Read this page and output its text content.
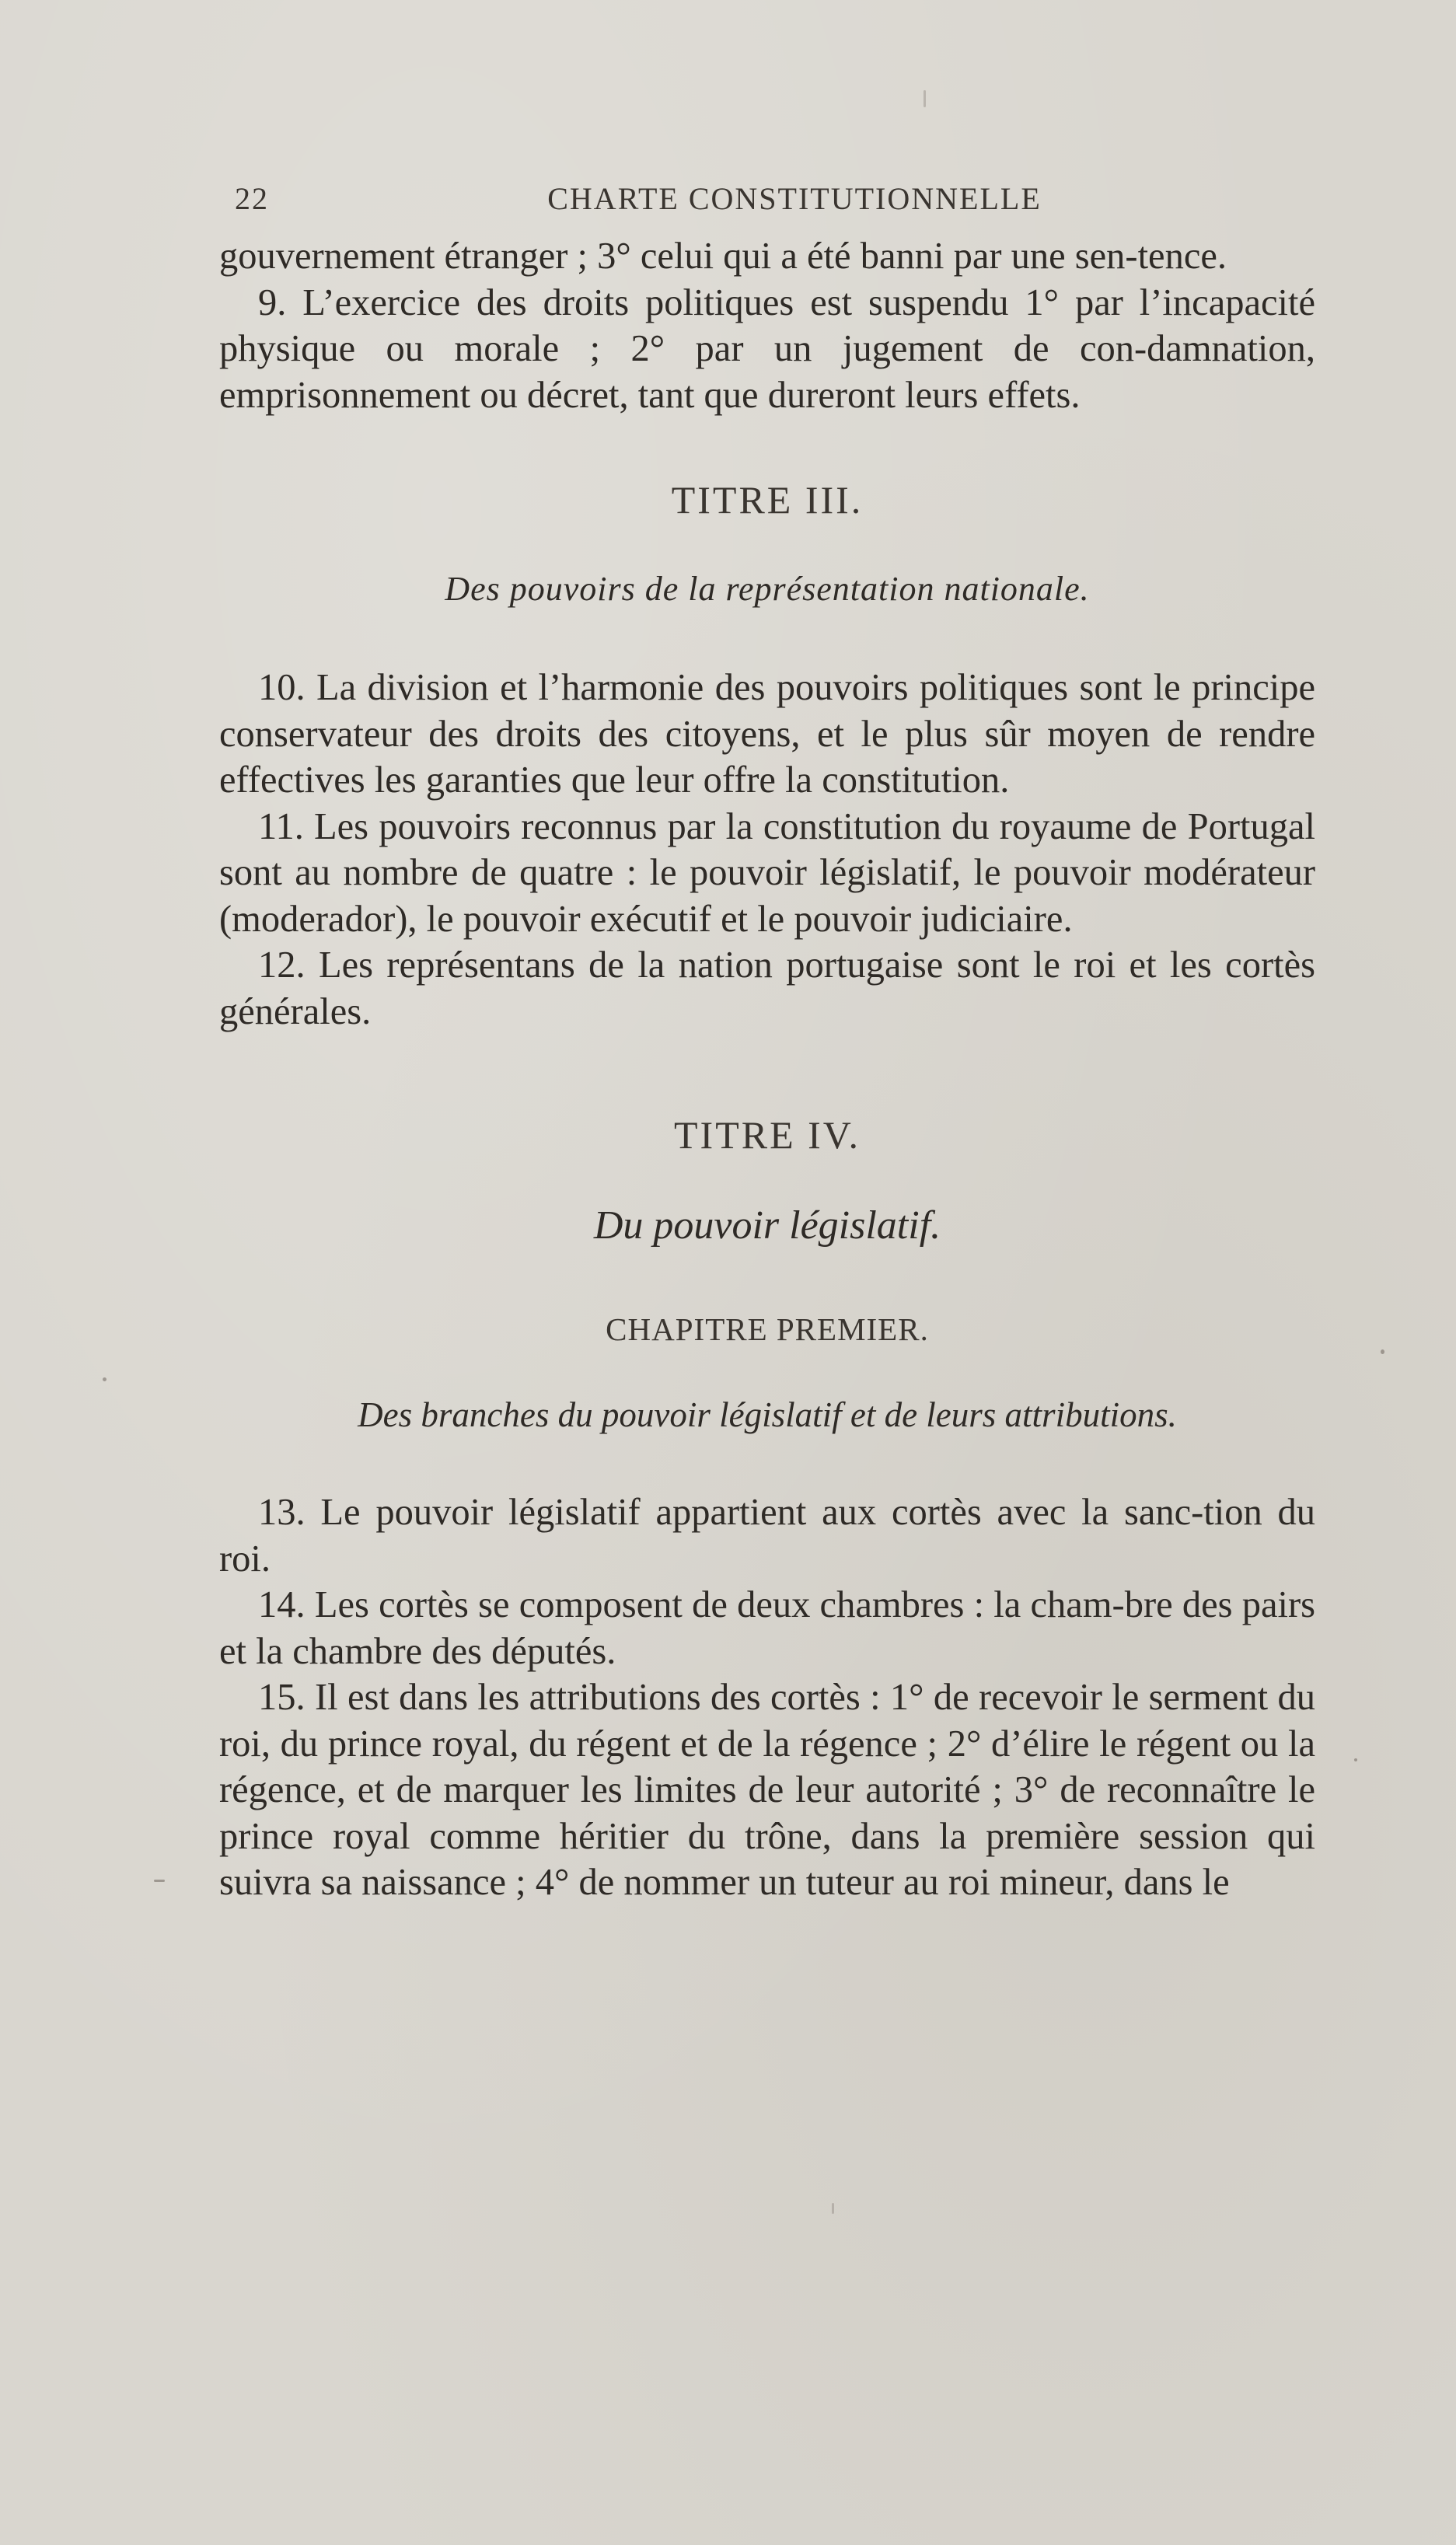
22	CHARTE CONSTITUTIONNELLE

gouvernement étranger ; 3° celui qui a été banni par une sen-tence.

9. L’exercice des droits politiques est suspendu 1° par l’incapacité physique ou morale ; 2° par un jugement de con-damnation, emprisonnement ou décret, tant que dureront leurs effets.

TITRE III.

Des pouvoirs de la représentation nationale.

10. La division et l’harmonie des pouvoirs politiques sont le principe conservateur des droits des citoyens, et le plus sûr moyen de rendre effectives les garanties que leur offre la constitution.

11. Les pouvoirs reconnus par la constitution du royaume de Portugal sont au nombre de quatre : le pouvoir législatif, le pouvoir modérateur (moderador), le pouvoir exécutif et le pouvoir judiciaire.

12. Les représentans de la nation portugaise sont le roi et les cortès générales.

TITRE IV.

Du pouvoir législatif.

CHAPITRE PREMIER.

Des branches du pouvoir législatif et de leurs attributions.

13. Le pouvoir législatif appartient aux cortès avec la sanc-tion du roi.

14. Les cortès se composent de deux chambres : la cham-bre des pairs et la chambre des députés.

15. Il est dans les attributions des cortès : 1° de recevoir le serment du roi, du prince royal, du régent et de la régence ; 2° d’élire le régent ou la régence, et de marquer les limites de leur autorité ; 3° de reconnaître le prince royal comme héritier du trône, dans la première session qui suivra sa naissance ; 4° de nommer un tuteur au roi mineur, dans le
